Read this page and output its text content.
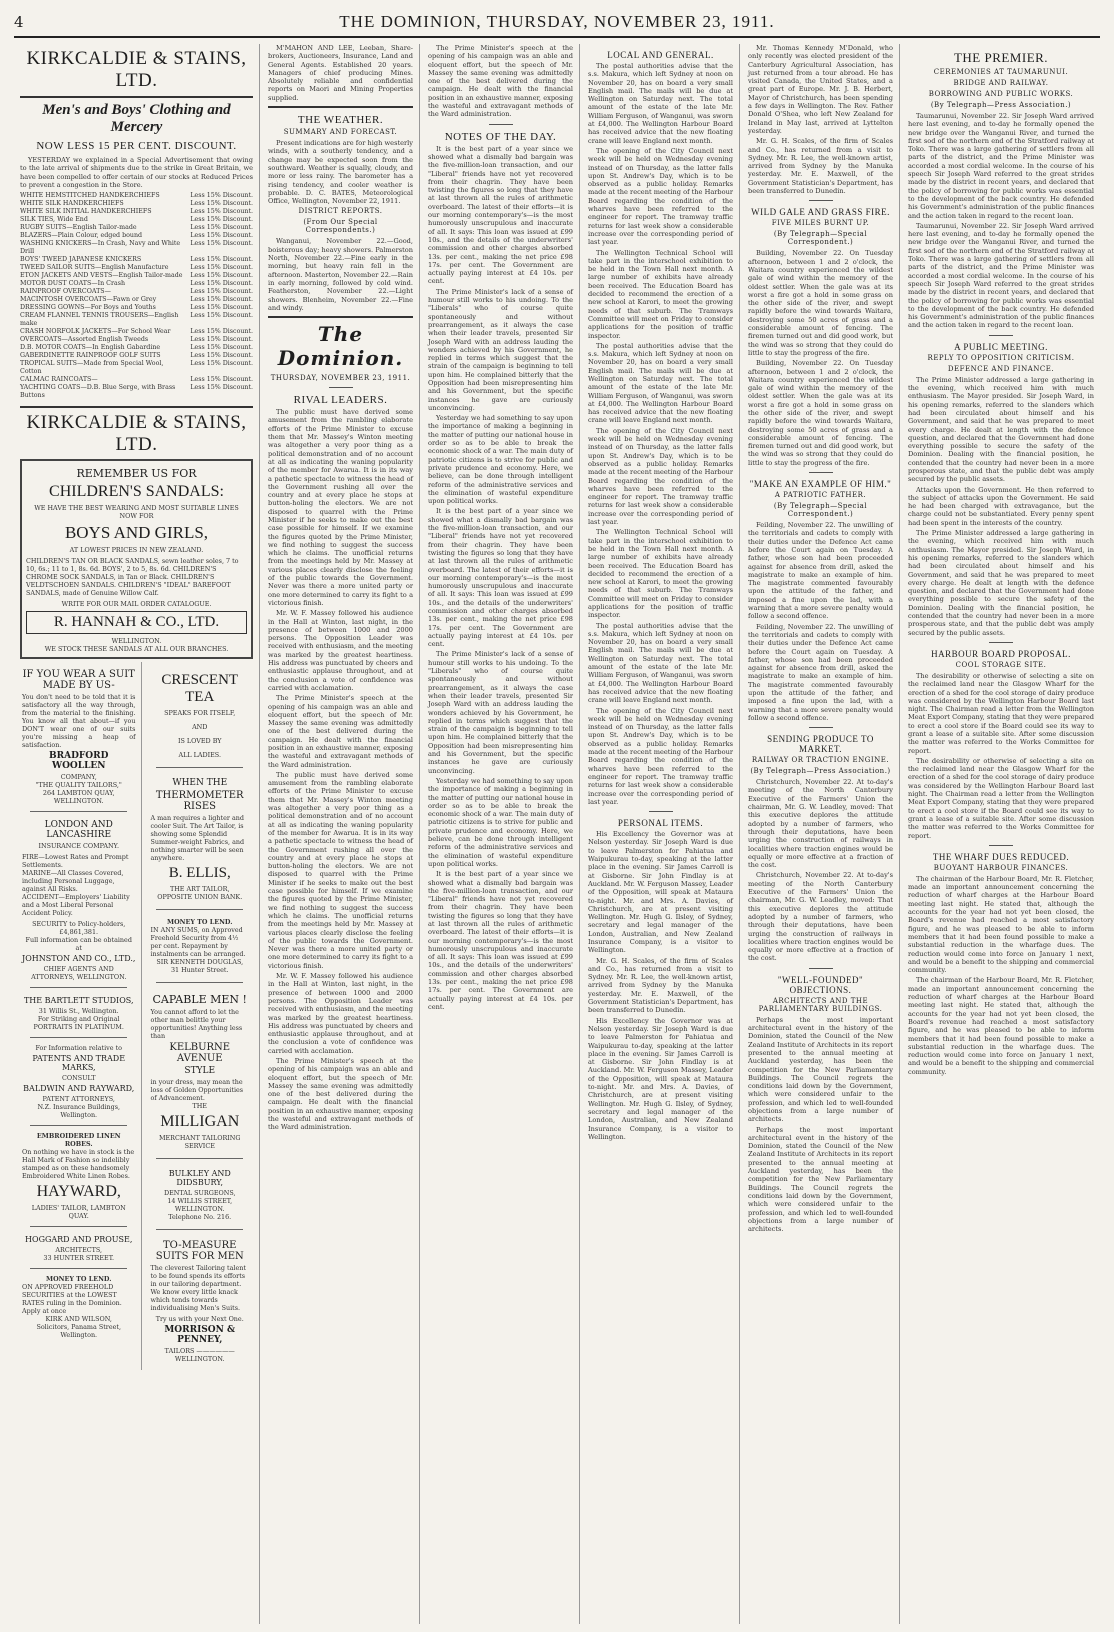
4	THE DOMINION, THURSDAY, NOVEMBER 23, 1911.
KIRKCALDIE & STAINS, LTD.
Men's and Boys' Clothing and Mercery
NOW LESS 15 PER CENT. DISCOUNT.

YESTERDAY we explained in a Special Advertisement that owing to the late arrival of shipments due to the strike in Great Britain, we have been compelled to offer certain of our stocks at Reduced Prices to prevent a congestion in the Store.

WHITE HEMSTITCHED HANDKERCHIEFS	Less 15% Discount.
WHITE SILK HANDKERCHIEFS	Less 15% Discount.
WHITE SILK INITIAL HANDKERCHIEFS	Less 15% Discount.
SILK TIES, Wide End	Less 15% Discount.
RUGBY SUITS—English Tailor-made	Less 15% Discount.
BLAZERS—Plain Colour, edged bound	Less 15% Discount.
WASHING KNICKERS—In Crash, Navy and White Drill
Less 15% Discount.
BOYS' TWEED JAPANESE KNICKERS	Less 15% Discount.
TWEED SAILOR SUITS—English Manufacture	Less 15% Discount.
ETON JACKETS AND VESTS—English Tailor-made	Less 15% Discount.
MOTOR DUST COATS—In Crash	Less 15% Discount.
RAINPROOF OVERCOATS—	Less 15% Discount.
MACINTOSH OVERCOATS—Fawn or Grey	Less 15% Discount.
DRESSING GOWNS—For Boys and Youths	Less 15% Discount.
CREAM FLANNEL TENNIS TROUSERS—English make
Less 15% Discount.
CRASH NORFOLK JACKETS—For School Wear	Less 15% Discount.
OVERCOATS—Assorted English Tweeds	Less 15% Discount.
D.B. MOTOR COATS—In English Gabardine	Less 15% Discount.
GABERDINETTE RAINPROOF GOLF SUITS	Less 15% Discount.
TROPICAL SUITS—Made from Special Wool, Cotton
Less 15% Discount.
CALMAC RAINCOATS—	Less 15% Discount.
YACHTING COATS—D.B. Blue Serge, with Brass Buttons
Less 15% Discount.
KIRKCALDIE & STAINS, LTD.
REMEMBER US FOR
CHILDREN'S SANDALS:
WE HAVE THE BEST WEARING AND MOST SUITABLE LINES NOW FOR
BOYS AND GIRLS,
AT LOWEST PRICES IN NEW ZEALAND.
CHILDREN'S TAN OR BLACK SANDALS, sewn leather soles, 7 to 10, 6s.; 11 to 1, 8s. 6d. BOYS', 2 to 5, 8s. 6d. CHILDREN'S CHROME SOCK SANDALS, in Tan or Black. CHILDREN'S VELDTSCHOEN SANDALS. CHILDREN'S "IDEAL" BAREFOOT SANDALS, made of Genuine Willow Calf.
WRITE FOR OUR MAIL ORDER CATALOGUE.
R. HANNAH & CO., LTD.
WELLINGTON.
WE STOCK THESE SANDALS AT ALL OUR BRANCHES.
IF YOU WEAR A SUIT MADE BY US-
You don't need to be told that it is satisfactory all the way through, from the material to the finishing. You know all that about—if you DON'T wear one of our suits you're missing a heap of satisfaction.
BRADFORD WOOLLEN
COMPANY,
"THE QUALITY TAILORS,"
264 LAMBTON QUAY, WELLINGTON.
LONDON AND LANCASHIRE
INSURANCE COMPANY.
FIRE—Lowest Rates and Prompt Settlements.
MARINE—All Classes Covered, including Personal Luggage, against All Risks.
ACCIDENT—Employers' Liability and a Most Liberal Personal Accident Policy.
SECURITY to Policy-holders, £4,861,381.
Full information can be obtained at
JOHNSTON AND CO., LTD.,
CHIEF AGENTS AND ATTORNEYS, WELLINGTON.
THE BARTLETT STUDIOS,
31 Willis St., Wellington.
For Striking and Original
PORTRAITS IN PLATINUM.
For Information relative to
PATENTS AND TRADE MARKS,
CONSULT
BALDWIN AND RAYWARD,
PATENT ATTORNEYS,
N.Z. Insurance Buildings, Wellington.
EMBROIDERED LINEN ROBES.
On nothing we have in stock is the Hall Mark of Fashion so indelibly stamped as on these handsomely Embroidered White Linen Robes.
HAYWARD,
LADIES' TAILOR, LAMBTON QUAY.
HOGGARD AND PROUSE,
ARCHITECTS,
33 HUNTER STREET.
MONEY TO LEND.
ON APPROVED FREEHOLD SECURITIES at the LOWEST RATES ruling in the Dominion. Apply at once
KIRK AND WILSON,
Solicitors, Panama Street, Wellington.
CRESCENT TEA
SPEAKS FOR ITSELF,
AND
IS LOVED BY
ALL LADIES.
WHEN THE
THERMOMETER RISES
A man requires a lighter and cooler Suit. The Art Tailor, is showing some Splendid Summer-weight Fabrics, and nothing smarter will be seen anywhere.
B. ELLIS,
THE ART TAILOR,
OPPOSITE UNION BANK.
MONEY TO LEND.
IN ANY SUMS, on Approved Freehold Security from 4½ per cent. Repayment by instalments can be arranged.
SIR KENNETH DOUGLAS,
31 Hunter Street.
CAPABLE MEN !
You cannot afford to let the other man belittle your opportunities! Anything less than
KELBURNE AVENUE
STYLE
in your dress, may mean the loss of Golden Opportunities of Advancement.
THE
MILLIGAN
MERCHANT TAILORING SERVICE
BULKLEY AND DIDSBURY,
DENTAL SURGEONS,
14 WILLIS STREET, WELLINGTON.
Telephone No. 216.
TO-MEASURE SUITS FOR MEN
The cleverest Tailoring talent to be found spends its efforts in our tailoring department. We know every little knack which tends towards individualising Men's Suits.
Try us with your Next One.
MORRISON & PENNEY,
TAILORS —————— WELLINGTON.

M'MAHON AND LEE, Leeban, Share-brokers, Auctioneers, Insurance, Land and General Agents. Established 20 years. Managers of chief producing Mines. Absolutely reliable and confidential reports on Maori and Mining Properties supplied.

THE WEATHER.
SUMMARY AND FORECAST.

Present indications are for high westerly winds, with a southerly tendency, and a change may be expected soon from the southward. Weather is squally, cloudy, and more or less rainy. The barometer has a rising tendency, and cooler weather is probable. D. C. BATES, Meteorological Office, Wellington, November 22, 1911.

DISTRICT REPORTS.
(From Our Special Correspondents.)

Wanganui, November 22.—Good, boisterous day; heavy showers. Palmerston North, November 22.—Fine early in the morning, but heavy rain fell in the afternoon. Masterton, November 22.—Rain in early morning, followed by cold wind. Featherston, November 22.—Light showers. Blenheim, November 22.—Fine and windy.

The Dominion.
THURSDAY, NOVEMBER 23, 1911.
RIVAL LEADERS.

The public must have derived some amusement from the rambling elaborate efforts of the Prime Minister to excuse them that Mr. Massey's Winton meeting was altogether a very poor thing as a political demonstration and of no account at all as indicating the waning popularity of the member for Awarua. It is in its way a pathetic spectacle to witness the head of the Government rushing all over the country and at every place he stops at button-holing the electors. We are not disposed to quarrel with the Prime Minister if he seeks to make out the best case possible for himself. If we examine the figures quoted by the Prime Minister, we find nothing to suggest the success which he claims. The unofficial returns from the meetings held by Mr. Massey at various places clearly disclose the feeling of the public towards the Government. Never was there a more united party or one more determined to carry its fight to a victorious finish.

Mr. W. F. Massey followed his audience in the Hall at Winton, last night, in the presence of between 1000 and 2000 persons. The Opposition Leader was received with enthusiasm, and the meeting was marked by the greatest heartiness. His address was punctuated by cheers and enthusiastic applause throughout, and at the conclusion a vote of confidence was carried with acclamation.

The Prime Minister's speech at the opening of his campaign was an able and eloquent effort, but the speech of Mr. Massey the same evening was admittedly one of the best delivered during the campaign. He dealt with the financial position in an exhaustive manner, exposing the wasteful and extravagant methods of the Ward administration.

The public must have derived some amusement from the rambling elaborate efforts of the Prime Minister to excuse them that Mr. Massey's Winton meeting was altogether a very poor thing as a political demonstration and of no account at all as indicating the waning popularity of the member for Awarua. It is in its way a pathetic spectacle to witness the head of the Government rushing all over the country and at every place he stops at button-holing the electors. We are not disposed to quarrel with the Prime Minister if he seeks to make out the best case possible for himself. If we examine the figures quoted by the Prime Minister, we find nothing to suggest the success which he claims. The unofficial returns from the meetings held by Mr. Massey at various places clearly disclose the feeling of the public towards the Government. Never was there a more united party or one more determined to carry its fight to a victorious finish.

Mr. W. F. Massey followed his audience in the Hall at Winton, last night, in the presence of between 1000 and 2000 persons. The Opposition Leader was received with enthusiasm, and the meeting was marked by the greatest heartiness. His address was punctuated by cheers and enthusiastic applause throughout, and at the conclusion a vote of confidence was carried with acclamation.

The Prime Minister's speech at the opening of his campaign was an able and eloquent effort, but the speech of Mr. Massey the same evening was admittedly one of the best delivered during the campaign. He dealt with the financial position in an exhaustive manner, exposing the wasteful and extravagant methods of the Ward administration.

The Prime Minister's speech at the opening of his campaign was an able and eloquent effort, but the speech of Mr. Massey the same evening was admittedly one of the best delivered during the campaign. He dealt with the financial position in an exhaustive manner, exposing the wasteful and extravagant methods of the Ward administration.

NOTES OF THE DAY.

It is the best part of a year since we showed what a dismally bad bargain was the five-million-loan transaction, and our "Liberal" friends have not yet recovered from their chagrin. They have been twisting the figures so long that they have at last thrown all the rules of arithmetic overboard. The latest of their efforts—it is our morning contemporary's—is the most humorously unscrupulous and inaccurate of all. It says: This loan was issued at £99 10s., and the details of the underwriters' commission and other charges absorbed 13s. per cent., making the net price £98 17s. per cent. The Government are actually paying interest at £4 10s. per cent.

The Prime Minister's lack of a sense of humour still works to his undoing. To the "Liberals" who of course quite spontaneously and without prearrangement, as it always the case when their leader travels, presented Sir Joseph Ward with an address lauding the wonders achieved by his Government, he replied in terms which suggest that the strain of the campaign is beginning to tell upon him. He complained bitterly that the Opposition had been misrepresenting him and his Government, but the specific instances he gave are curiously unconvincing.

Yesterday we had something to say upon the importance of making a beginning in the matter of putting our national house in order so as to be able to break the economic shock of a war. The main duty of patriotic citizens is to strive for public and private prudence and economy. Here, we believe, can be done through intelligent reform of the administrative services and the elimination of wasteful expenditure upon political works.

It is the best part of a year since we showed what a dismally bad bargain was the five-million-loan transaction, and our "Liberal" friends have not yet recovered from their chagrin. They have been twisting the figures so long that they have at last thrown all the rules of arithmetic overboard. The latest of their efforts—it is our morning contemporary's—is the most humorously unscrupulous and inaccurate of all. It says: This loan was issued at £99 10s., and the details of the underwriters' commission and other charges absorbed 13s. per cent., making the net price £98 17s. per cent. The Government are actually paying interest at £4 10s. per cent.

The Prime Minister's lack of a sense of humour still works to his undoing. To the "Liberals" who of course quite spontaneously and without prearrangement, as it always the case when their leader travels, presented Sir Joseph Ward with an address lauding the wonders achieved by his Government, he replied in terms which suggest that the strain of the campaign is beginning to tell upon him. He complained bitterly that the Opposition had been misrepresenting him and his Government, but the specific instances he gave are curiously unconvincing.

Yesterday we had something to say upon the importance of making a beginning in the matter of putting our national house in order so as to be able to break the economic shock of a war. The main duty of patriotic citizens is to strive for public and private prudence and economy. Here, we believe, can be done through intelligent reform of the administrative services and the elimination of wasteful expenditure upon political works.

It is the best part of a year since we showed what a dismally bad bargain was the five-million-loan transaction, and our "Liberal" friends have not yet recovered from their chagrin. They have been twisting the figures so long that they have at last thrown all the rules of arithmetic overboard. The latest of their efforts—it is our morning contemporary's—is the most humorously unscrupulous and inaccurate of all. It says: This loan was issued at £99 10s., and the details of the underwriters' commission and other charges absorbed 13s. per cent., making the net price £98 17s. per cent. The Government are actually paying interest at £4 10s. per cent.

LOCAL AND GENERAL.

The postal authorities advise that the s.s. Makura, which left Sydney at noon on November 20, has on board a very small English mail. The mails will be due at Wellington on Saturday next. The total amount of the estate of the late Mr. William Ferguson, of Wanganui, was sworn at £4,000. The Wellington Harbour Board has received advice that the new floating crane will leave England next month.

The opening of the City Council next week will be held on Wednesday evening instead of on Thursday, as the latter falls upon St. Andrew's Day, which is to be observed as a public holiday. Remarks made at the recent meeting of the Harbour Board regarding the condition of the wharves have been referred to the engineer for report. The tramway traffic returns for last week show a considerable increase over the corresponding period of last year.

The Wellington Technical School will take part in the interschool exhibition to be held in the Town Hall next month. A large number of exhibits have already been received. The Education Board has decided to recommend the erection of a new school at Karori, to meet the growing needs of that suburb. The Tramways Committee will meet on Friday to consider applications for the position of traffic inspector.

The postal authorities advise that the s.s. Makura, which left Sydney at noon on November 20, has on board a very small English mail. The mails will be due at Wellington on Saturday next. The total amount of the estate of the late Mr. William Ferguson, of Wanganui, was sworn at £4,000. The Wellington Harbour Board has received advice that the new floating crane will leave England next month.

The opening of the City Council next week will be held on Wednesday evening instead of on Thursday, as the latter falls upon St. Andrew's Day, which is to be observed as a public holiday. Remarks made at the recent meeting of the Harbour Board regarding the condition of the wharves have been referred to the engineer for report. The tramway traffic returns for last week show a considerable increase over the corresponding period of last year.

The Wellington Technical School will take part in the interschool exhibition to be held in the Town Hall next month. A large number of exhibits have already been received. The Education Board has decided to recommend the erection of a new school at Karori, to meet the growing needs of that suburb. The Tramways Committee will meet on Friday to consider applications for the position of traffic inspector.

The postal authorities advise that the s.s. Makura, which left Sydney at noon on November 20, has on board a very small English mail. The mails will be due at Wellington on Saturday next. The total amount of the estate of the late Mr. William Ferguson, of Wanganui, was sworn at £4,000. The Wellington Harbour Board has received advice that the new floating crane will leave England next month.

The opening of the City Council next week will be held on Wednesday evening instead of on Thursday, as the latter falls upon St. Andrew's Day, which is to be observed as a public holiday. Remarks made at the recent meeting of the Harbour Board regarding the condition of the wharves have been referred to the engineer for report. The tramway traffic returns for last week show a considerable increase over the corresponding period of last year.

PERSONAL ITEMS.

His Excellency the Governor was at Nelson yesterday. Sir Joseph Ward is due to leave Palmerston for Pahiatua and Waipukurau to-day, speaking at the latter place in the evening. Sir James Carroll is at Gisborne. Sir John Findlay is at Auckland. Mr. W. Ferguson Massey, Leader of the Opposition, will speak at Mataura to-night. Mr. and Mrs. A. Davies, of Christchurch, are at present visiting Wellington. Mr. Hugh G. Ilsley, of Sydney, secretary and legal manager of the London, Australian, and New Zealand Insurance Company, is a visitor to Wellington.

Mr. G. H. Scales, of the firm of Scales and Co., has returned from a visit to Sydney. Mr. R. Lee, the well-known artist, arrived from Sydney by the Manuka yesterday. Mr. E. Maxwell, of the Government Statistician's Department, has been transferred to Dunedin.

His Excellency the Governor was at Nelson yesterday. Sir Joseph Ward is due to leave Palmerston for Pahiatua and Waipukurau to-day, speaking at the latter place in the evening. Sir James Carroll is at Gisborne. Sir John Findlay is at Auckland. Mr. W. Ferguson Massey, Leader of the Opposition, will speak at Mataura to-night. Mr. and Mrs. A. Davies, of Christchurch, are at present visiting Wellington. Mr. Hugh G. Ilsley, of Sydney, secretary and legal manager of the London, Australian, and New Zealand Insurance Company, is a visitor to Wellington.

Mr. Thomas Kennedy M'Donald, who only recently was elected president of the Canterbury Agricultural Association, has just returned from a tour abroad. He has visited Canada, the United States, and a great part of Europe. Mr. J. B. Herbert, Mayor of Christchurch, has been spending a few days in Wellington. The Rev. Father Donald O'Shea, who left New Zealand for Ireland in May last, arrived at Lyttelton yesterday.

Mr. G. H. Scales, of the firm of Scales and Co., has returned from a visit to Sydney. Mr. R. Lee, the well-known artist, arrived from Sydney by the Manuka yesterday. Mr. E. Maxwell, of the Government Statistician's Department, has been transferred to Dunedin.

WILD GALE AND GRASS FIRE.
FIVE MILES BURNT UP.
(By Telegraph—Special Correspondent.)

Building, November 22. On Tuesday afternoon, between 1 and 2 o'clock, the Waitara country experienced the wildest gale of wind within the memory of the oldest settler. When the gale was at its worst a fire got a hold in some grass on the other side of the river, and swept rapidly before the wind towards Waitara, destroying some 50 acres of grass and a considerable amount of fencing. The firemen turned out and did good work, but the wind was so strong that they could do little to stay the progress of the fire.

Building, November 22. On Tuesday afternoon, between 1 and 2 o'clock, the Waitara country experienced the wildest gale of wind within the memory of the oldest settler. When the gale was at its worst a fire got a hold in some grass on the other side of the river, and swept rapidly before the wind towards Waitara, destroying some 50 acres of grass and a considerable amount of fencing. The firemen turned out and did good work, but the wind was so strong that they could do little to stay the progress of the fire.

"MAKE AN EXAMPLE OF HIM."
A PATRIOTIC FATHER.
(By Telegraph—Special Correspondent.)

Feilding, November 22. The unwilling of the territorials and cadets to comply with their duties under the Defence Act came before the Court again on Tuesday. A father, whose son had been proceeded against for absence from drill, asked the magistrate to make an example of him. The magistrate commented favourably upon the attitude of the father, and imposed a fine upon the lad, with a warning that a more severe penalty would follow a second offence.

Feilding, November 22. The unwilling of the territorials and cadets to comply with their duties under the Defence Act came before the Court again on Tuesday. A father, whose son had been proceeded against for absence from drill, asked the magistrate to make an example of him. The magistrate commented favourably upon the attitude of the father, and imposed a fine upon the lad, with a warning that a more severe penalty would follow a second offence.

SENDING PRODUCE TO MARKET.
RAILWAY OR TRACTION ENGINE.
(By Telegraph—Press Association.)

Christchurch, November 22. At to-day's meeting of the North Canterbury Executive of the Farmers' Union the chairman, Mr. G. W. Leadley, moved: That this executive deplores the attitude adopted by a number of farmers, who through their deputations, have been urging the construction of railways in localities where traction engines would be equally or more effective at a fraction of the cost.

Christchurch, November 22. At to-day's meeting of the North Canterbury Executive of the Farmers' Union the chairman, Mr. G. W. Leadley, moved: That this executive deplores the attitude adopted by a number of farmers, who through their deputations, have been urging the construction of railways in localities where traction engines would be equally or more effective at a fraction of the cost.

"WELL-FOUNDED" OBJECTIONS.
ARCHITECTS AND THE PARLIAMENTARY BUILDINGS.

Perhaps the most important architectural event in the history of the Dominion, stated the Council of the New Zealand Institute of Architects in its report presented to the annual meeting at Auckland yesterday, has been the competition for the New Parliamentary Buildings. The Council regrets the conditions laid down by the Government, which were considered unfair to the profession, and which led to well-founded objections from a large number of architects.

Perhaps the most important architectural event in the history of the Dominion, stated the Council of the New Zealand Institute of Architects in its report presented to the annual meeting at Auckland yesterday, has been the competition for the New Parliamentary Buildings. The Council regrets the conditions laid down by the Government, which were considered unfair to the profession, and which led to well-founded objections from a large number of architects.

THE PREMIER.
CEREMONIES AT TAUMARUNUI.
BRIDGE AND RAILWAY.
BORROWING AND PUBLIC WORKS.
(By Telegraph—Press Association.)

Taumarunui, November 22. Sir Joseph Ward arrived here last evening, and to-day he formally opened the new bridge over the Wanganui River, and turned the first sod of the northern end of the Stratford railway at Toko. There was a large gathering of settlers from all parts of the district, and the Prime Minister was accorded a most cordial welcome. In the course of his speech Sir Joseph Ward referred to the great strides made by the district in recent years, and declared that the policy of borrowing for public works was essential to the development of the back country. He defended his Government's administration of the public finances and the action taken in regard to the recent loan.

Taumarunui, November 22. Sir Joseph Ward arrived here last evening, and to-day he formally opened the new bridge over the Wanganui River, and turned the first sod of the northern end of the Stratford railway at Toko. There was a large gathering of settlers from all parts of the district, and the Prime Minister was accorded a most cordial welcome. In the course of his speech Sir Joseph Ward referred to the great strides made by the district in recent years, and declared that the policy of borrowing for public works was essential to the development of the back country. He defended his Government's administration of the public finances and the action taken in regard to the recent loan.

A PUBLIC MEETING.
REPLY TO OPPOSITION CRITICISM.
DEFENCE AND FINANCE.

The Prime Minister addressed a large gathering in the evening, which received him with much enthusiasm. The Mayor presided. Sir Joseph Ward, in his opening remarks, referred to the slanders which had been circulated about himself and his Government, and said that he was prepared to meet every charge. He dealt at length with the defence question, and declared that the Government had done everything possible to secure the safety of the Dominion. Dealing with the financial position, he contended that the country had never been in a more prosperous state, and that the public debt was amply secured by the public assets.

Attacks upon the Government. He then referred to the subject of attacks upon the Government. He said he had been charged with extravagance, but the charge could not be substantiated. Every penny spent had been spent in the interests of the country.

The Prime Minister addressed a large gathering in the evening, which received him with much enthusiasm. The Mayor presided. Sir Joseph Ward, in his opening remarks, referred to the slanders which had been circulated about himself and his Government, and said that he was prepared to meet every charge. He dealt at length with the defence question, and declared that the Government had done everything possible to secure the safety of the Dominion. Dealing with the financial position, he contended that the country had never been in a more prosperous state, and that the public debt was amply secured by the public assets.

HARBOUR BOARD PROPOSAL.
COOL STORAGE SITE.

The desirability or otherwise of selecting a site on the reclaimed land near the Glasgow Wharf for the erection of a shed for the cool storage of dairy produce was considered by the Wellington Harbour Board last night. The Chairman read a letter from the Wellington Meat Export Company, stating that they were prepared to erect a cool store if the Board could see its way to grant a lease of a suitable site. After some discussion the matter was referred to the Works Committee for report.

The desirability or otherwise of selecting a site on the reclaimed land near the Glasgow Wharf for the erection of a shed for the cool storage of dairy produce was considered by the Wellington Harbour Board last night. The Chairman read a letter from the Wellington Meat Export Company, stating that they were prepared to erect a cool store if the Board could see its way to grant a lease of a suitable site. After some discussion the matter was referred to the Works Committee for report.

THE WHARF DUES REDUCED.
BUOYANT HARBOUR FINANCES.

The chairman of the Harbour Board, Mr. R. Fletcher, made an important announcement concerning the reduction of wharf charges at the Harbour Board meeting last night. He stated that, although the accounts for the year had not yet been closed, the Board's revenue had reached a most satisfactory figure, and he was pleased to be able to inform members that it had been found possible to make a substantial reduction in the wharfage dues. The reduction would come into force on January 1 next, and would be a benefit to the shipping and commercial community.

The chairman of the Harbour Board, Mr. R. Fletcher, made an important announcement concerning the reduction of wharf charges at the Harbour Board meeting last night. He stated that, although the accounts for the year had not yet been closed, the Board's revenue had reached a most satisfactory figure, and he was pleased to be able to inform members that it had been found possible to make a substantial reduction in the wharfage dues. The reduction would come into force on January 1 next, and would be a benefit to the shipping and commercial community.
